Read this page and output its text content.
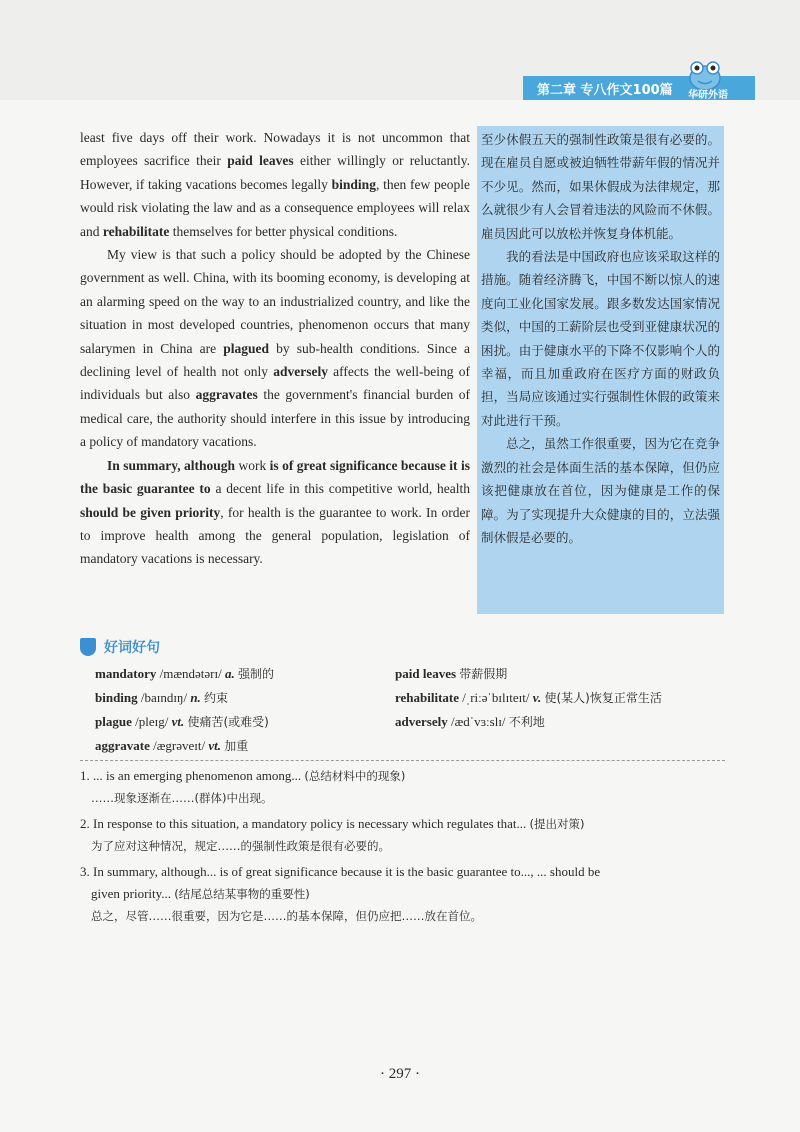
第二章 专八作文100篇	华研外语

least five days off their work. Nowadays it is not uncommon that employees sacrifice their paid leaves either willingly or reluctantly. However, if taking vacations becomes legally binding, then few people would risk violating the law and as a consequence employees will relax and rehabilitate themselves for better physical conditions.

My view is that such a policy should be adopted by the Chinese government as well. China, with its booming economy, is developing at an alarming speed on the way to an industrialized country, and like the situation in most developed countries, phenomenon occurs that many salarymen in China are plagued by sub-health conditions. Since a declining level of health not only adversely affects the well-being of individuals but also aggravates the government's financial burden of medical care, the authority should interfere in this issue by introducing a policy of mandatory vacations.

In summary, although work is of great significance because it is the basic guarantee to a decent life in this competitive world, health should be given priority, for health is the guarantee to work. In order to improve health among the general population, legislation of mandatory vacations is necessary.

至少休假五天的强制性政策是很有必要的。现在雇员自愿或被迫牺牲带薪年假的情况并不少见。然而，如果休假成为法律规定，那么就很少有人会冒着违法的风险而不休假。雇员因此可以放松并恢复身体机能。

我的看法是中国政府也应该采取这样的措施。随着经济腾飞，中国不断以惊人的速度向工业化国家发展。跟多数发达国家情况类似，中国的工薪阶层也受到亚健康状况的困扰。由于健康水平的下降不仅影响个人的幸福，而且加重政府在医疗方面的财政负担，当局应该通过实行强制性休假的政策来对此进行干预。

总之，虽然工作很重要，因为它在竞争激烈的社会是体面生活的基本保障，但仍应该把健康放在首位，因为健康是工作的保障。为了实现提升大众健康的目的，立法强制休假是必要的。

好词好句
mandatory /mændətərɪ/ a. 强制的	paid leaves 带薪假期
binding /baɪndɪŋ/ n. 约束	rehabilitate /ˌriːəˈbɪlɪteɪt/ v. 使(某人)恢复正常生活
plague /pleɪg/ vt. 使痛苦(或难受)	adversely /ædˈvɜːslɪ/ 不利地
aggravate /ægrəveɪt/ vt. 加重
1. ... is an emerging phenomenon among... (总结材料中的现象)
……现象逐渐在……(群体)中出现。
2. In response to this situation, a mandatory policy is necessary which regulates that... (提出对策)
为了应对这种情况，规定……的强制性政策是很有必要的。
3. In summary, although... is of great significance because it is the basic guarantee to..., ... should be
given priority... (结尾总结某事物的重要性)
总之，尽管……很重要，因为它是……的基本保障，但仍应把……放在首位。
· 297 ·
